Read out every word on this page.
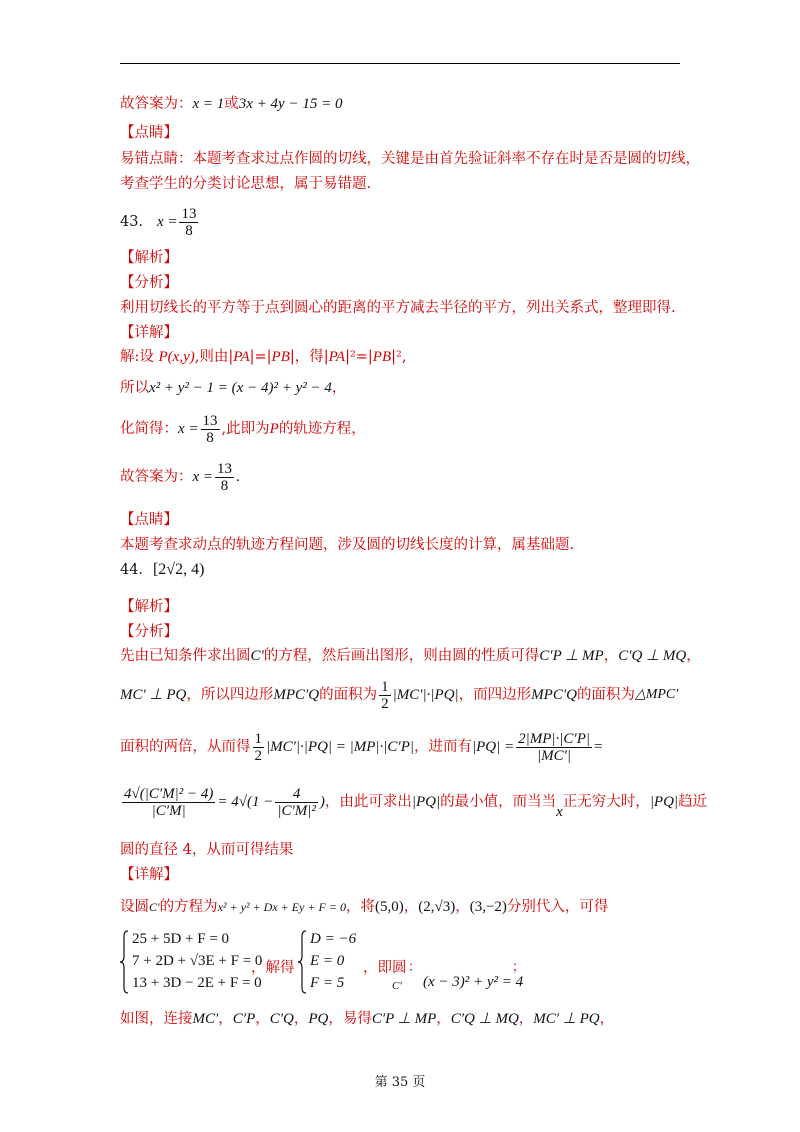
故答案为：x = 1或3x + 4y − 15 = 0
【点睛】
易错点睛：本题考查求过点作圆的切线，关键是由首先验证斜率不存在时是否是圆的切线，
考查学生的分类讨论思想，属于易错题.
43． $x = \frac{13}{8}$
【解析】
【分析】
利用切线长的平方等于点到圆心的距离的平方减去半径的平方，列出关系式，整理即得.
【详解】
解:设 P(x,y),则由|PA|=|PB|，得|PA|²=|PB|²,
所以x² + y² − 1 = (x − 4)² + y² − 4，
化简得： $x = \frac{13}{8}$ ,此即为 P 的轨迹方程，
故答案为： $x = \frac{13}{8}$ .
【点睛】
本题考查求动点的轨迹方程问题，涉及圆的切线长度的计算，属基础题.
44．[2√2, 4)
【解析】
【分析】
先由已知条件求出圆C′的方程，然后画出图形，则由圆的性质可得C′P ⊥ MP，C′Q ⊥ MQ，
MC′ ⊥ PQ ，所以四边形 MPC′Q 的面积为 $\frac{1}{2} |MC'|\cdot|PQ|$ ，而四边形 MPC′Q 的面积为 △MPC′
面积的两倍，从而得 $\frac{1}{2} |MC'|\cdot|PQ| = |MP|\cdot|C'P|$ ，进而有 $|PQ| = \frac{2|MP|\cdot|C'P|}{|MC'|}$ =
$\frac{\text{4√(|C′M|² − 4)}}{|C'M|} = 4√(1 - \frac{4}{\text{|C′M|²}}$ ) ，由此可求出 |PQ| 的最小值，而当当
x
正无穷大时， |PQ| 趋近
圆的直径 4，从而可得结果
【详解】
设圆C′的方程为x² + y² + Dx + Ey + F = 0，将(5,0)，(2,√3)，(3,−2)分别代入，可得
25 + 5D + F = 0
7 + 2D + √3E + F = 0
13 + 3D − 2E + F = 0
，解得
D = −6
E = 0
F = 5
，即圆 ：
C′ (x − 3)² + y² = 4
；
如图，连接MC′，C′P，C′Q，PQ，易得C′P ⊥ MP，C′Q ⊥ MQ，MC′ ⊥ PQ，
第 35 页
